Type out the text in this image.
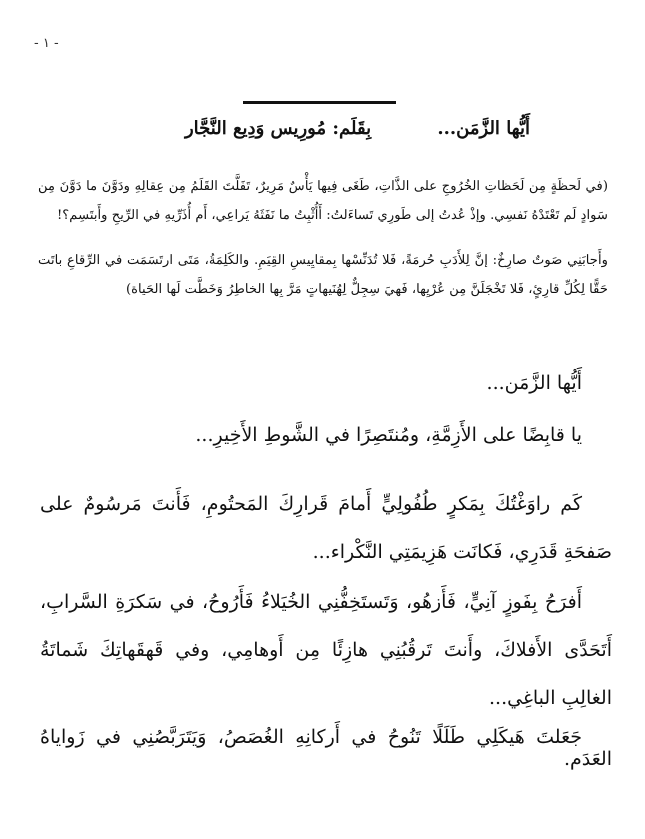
- ١ -
أَيُّها الزَّمَن... بِقَلَم: مُورِيس وَدِيع النَّجَّار
(في لَحظَةٍ مِن لَحَظاتِ الخُرُوجِ على الذَّاتِ، طَغَى فِيها يَأْسٌ مَرِيرٌ، تَفَلَّتَ القَلَمُ مِن عِقالِهِ ودَوَّنَ ما دَوَّنَ مِن سَوادٍ لَم تَعْتَدْهُ نَفسِي. وإذْ عُدتُ إلى طَورِي تَساءَلتُ: أَأُثْبِتُ ما نَفَثَهُ يَراعِي، أَم أُذَرِّيهِ في الرِّيحِ وأَبتَسِم؟!
وأَجابَنِي صَوتٌ صارِخٌ: إنَّ لِلأَدَبِ حُرمَةً، فَلا تُدَنِّسْها بِمقايِيسِ القِيَمِ. والكَلِمَةُ، مَتَى ارتَسَمَت في الرِّقاعِ باتَت حَقًّا لِكُلِّ قارِئٍ، فَلا تَخْجَلَنَّ مِن عُرْيِها، فَهيَ سِجِلٌّ لِهُنَيهاتٍ مَرَّ بِها الخاطِرُ وَخَطَّت لَها الحَياة)
أَيُّها الزَّمَن...
يا قابِضًا على الأَزِمَّةِ، ومُنتَصِرًا في الشَّوطِ الأَخِيرِ...
كَم راوَغْتُكَ بِمَكرٍ طُفُولِيٍّ أَمامَ قَرارِكَ المَحتُومِ، فَأَنتَ مَرسُومٌ على صَفحَةِ قَدَرِي، فَكانَت هَزِيمَتِي النَّكْراء...
أَفرَحُ بِفَوزٍ آنِيٍّ، فَأَزهُو، وَتَستَخِفُّنِي الخُيَلاءُ فَأَرُوحُ، في سَكرَةِ السَّرابِ، أَتَحَدَّى الأَفلاكَ، وأَنتَ تَرقُبُنِي هازِئًا مِن أَوهامِي، وفي قَهقَهاتِكَ شَماتَةُ الغالِبِ الباغِي...
جَعَلتَ هَيكَلِي طَلَلًا تَنُوحُ في أَركانِهِ الغُصَصُ، وَيَتَرَبَّصُنِي في زَواياهُ العَدَم.
